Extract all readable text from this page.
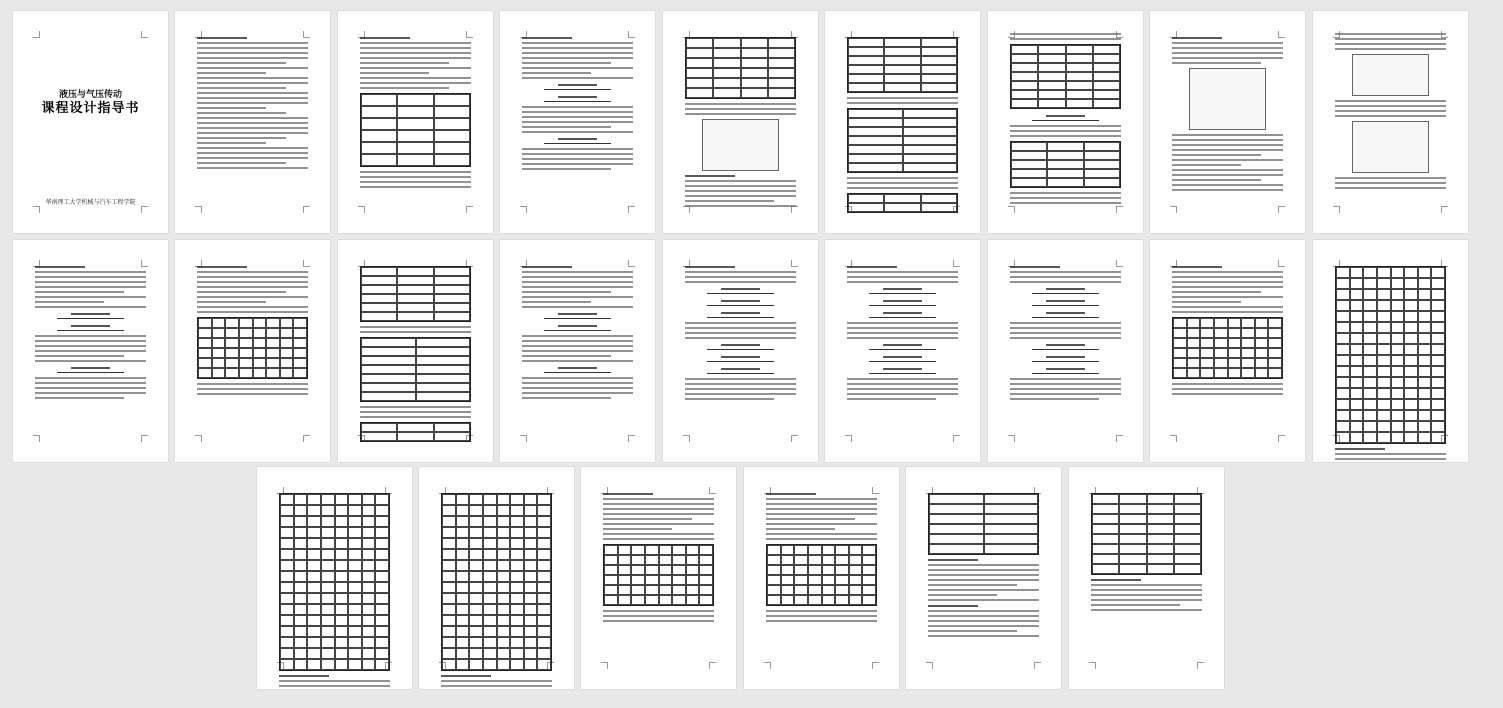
液压与气压传动
课程设计指导书
华南理工大学机械与汽车工程学院
